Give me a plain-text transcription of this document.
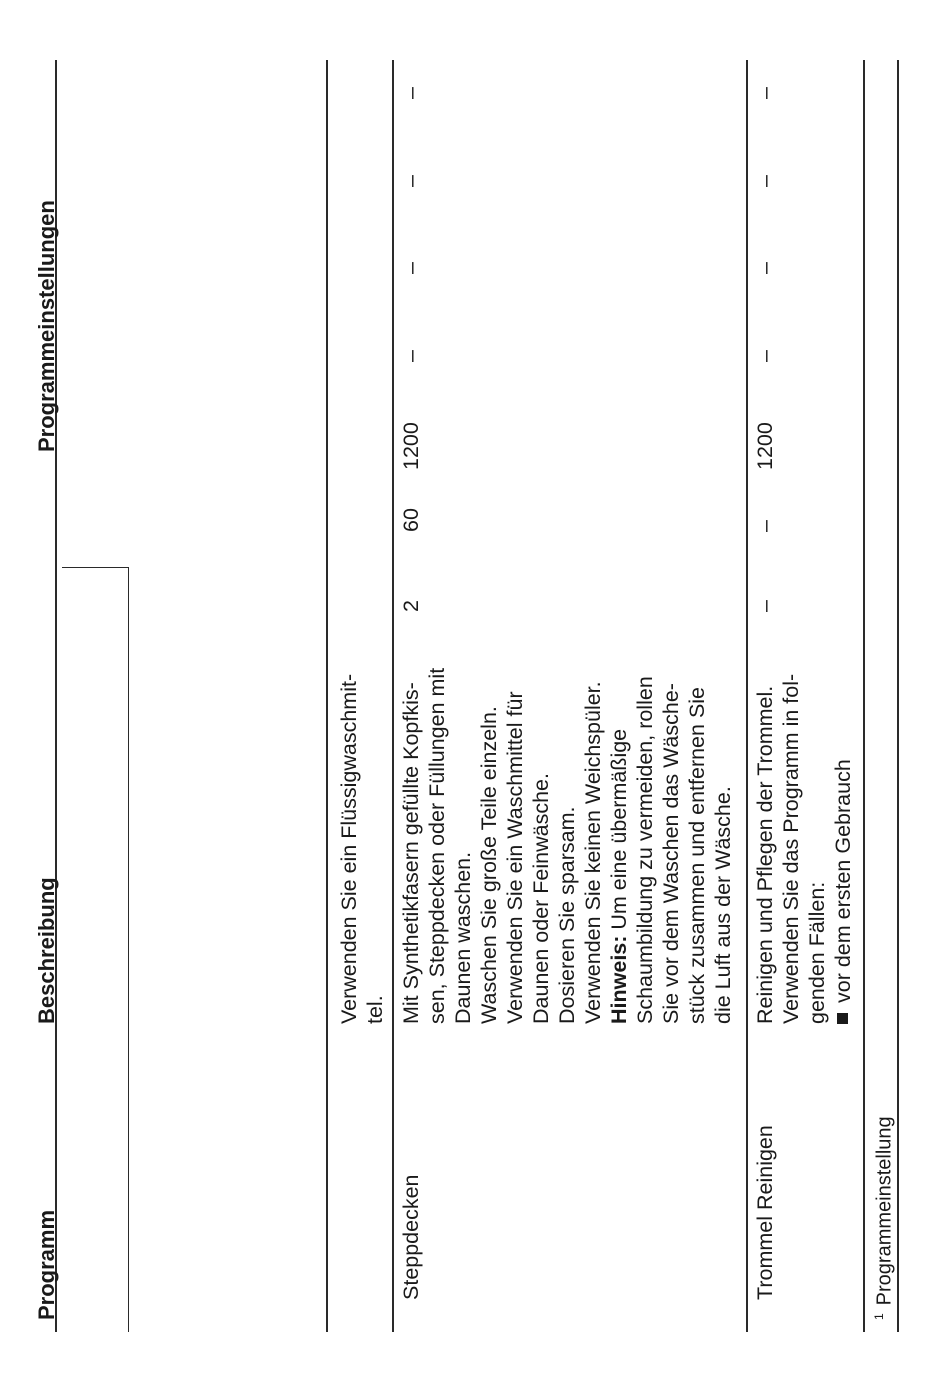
Programm
Beschreibung
Programmeinstellungen
Verwenden Sie ein Flüssigwaschmit- tel.
Steppdecken
Mit Synthetikfasern gefüllte Kopfkis- sen, Steppdecken oder Füllungen mit Daunen waschen. Waschen Sie große Teile einzeln. Verwenden Sie ein Waschmittel für Daunen oder Feinwäsche. Dosieren Sie sparsam. Verwenden Sie keinen Weichspüler. Hinweis: Um eine übermäßige Schaumbildung zu vermeiden, rollen Sie vor dem Waschen das Wäsche- stück zusammen und entfernen Sie die Luft aus der Wäsche.
2
60
1200
–
–
–
–
Trommel Reinigen
Reinigen und Pflegen der Trommel. Verwenden Sie das Programm in fol- genden Fällen: vor dem ersten Gebrauch
–
–
1200
–
–
–
–
$^1$Programmeinstellung
